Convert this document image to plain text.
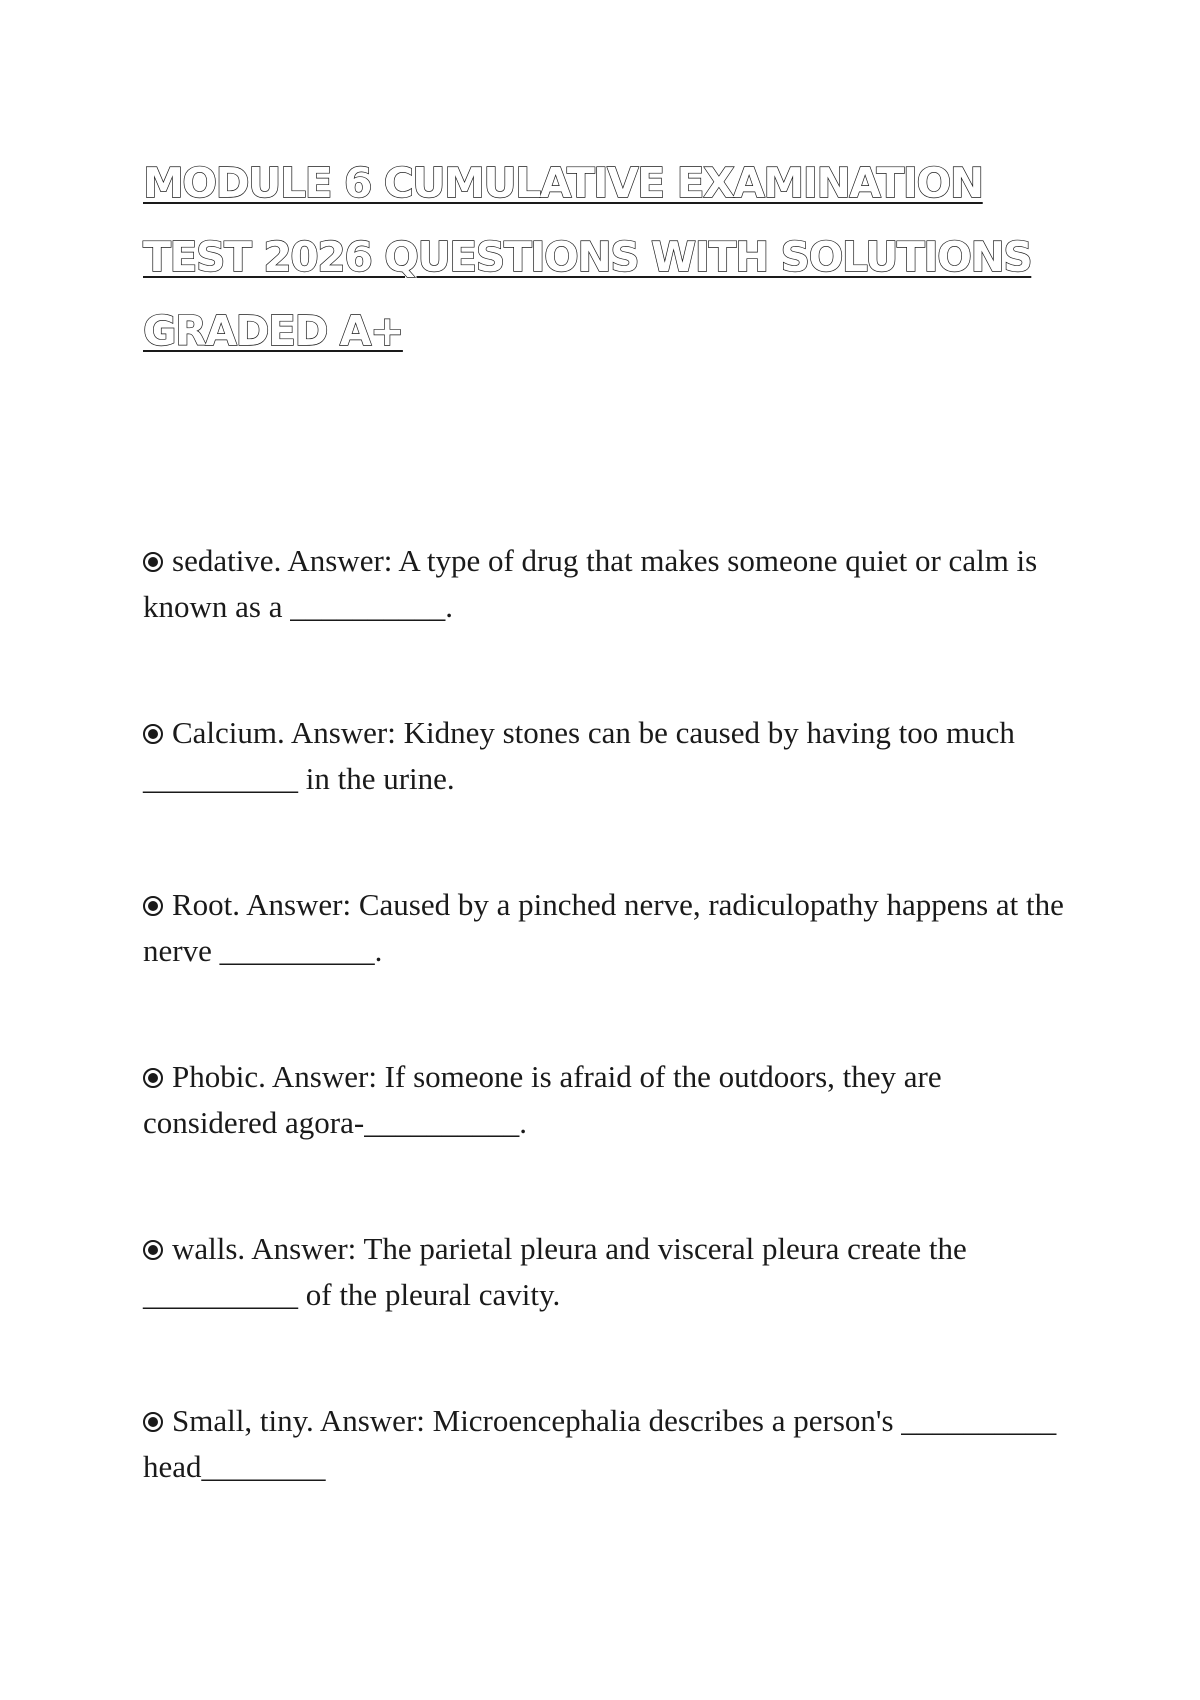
MODULE 6 CUMULATIVE EXAMINATION TEST 2026 QUESTIONS WITH SOLUTIONS GRADED A+
sedative. Answer: A type of drug that makes someone quiet or calm is known as a __________.
Calcium. Answer: Kidney stones can be caused by having too much __________ in the urine.
Root. Answer: Caused by a pinched nerve, radiculopathy happens at the nerve __________.
Phobic. Answer: If someone is afraid of the outdoors, they are considered agora-__________.
walls. Answer: The parietal pleura and visceral pleura create the __________ of the pleural cavity.
Small, tiny. Answer: Microencephalia describes a person's __________ head________
